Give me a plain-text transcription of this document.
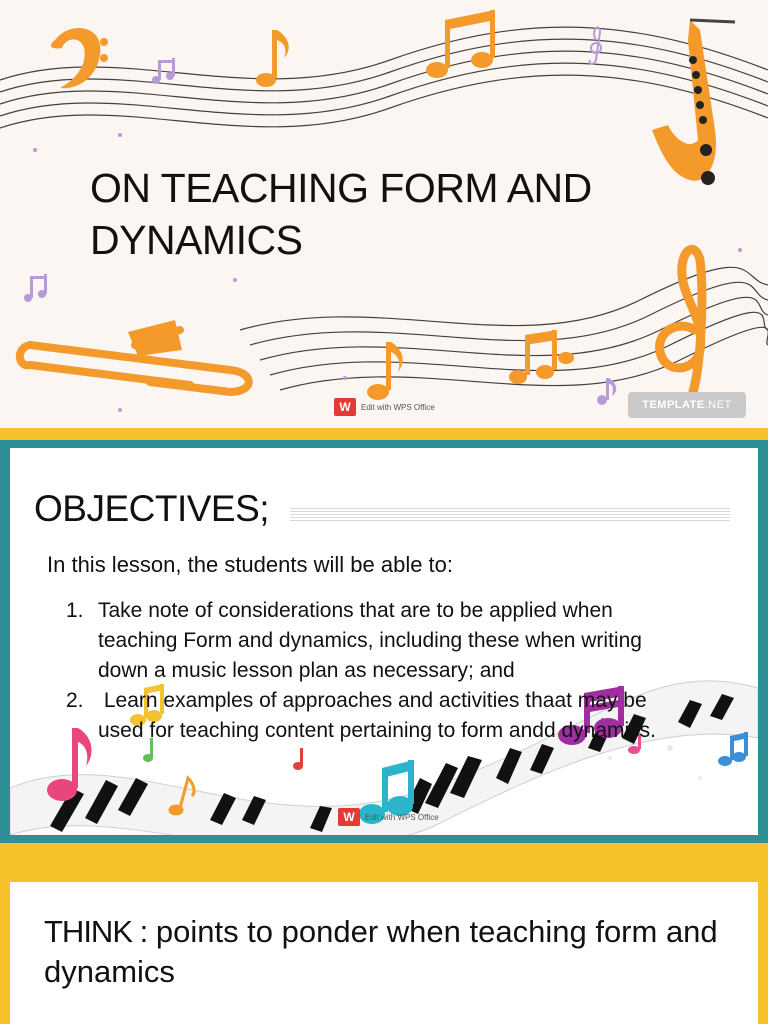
ON TEACHING FORM AND DYNAMICS
W	Edit with WPS Office	TEMPLATE.NET
OBJECTIVES;

In this lesson, the students will be able to:

1. Take note of considerations that are to be applied when teaching Form and dynamics, including these when writing down a music lesson plan as necessary; and
2. Learn examples of approaches and activities thaat may be used for teaching content pertaining to form andd dynamics.
W	Edit with WPS Office

THINK : points to ponder when teaching form and dynamics
